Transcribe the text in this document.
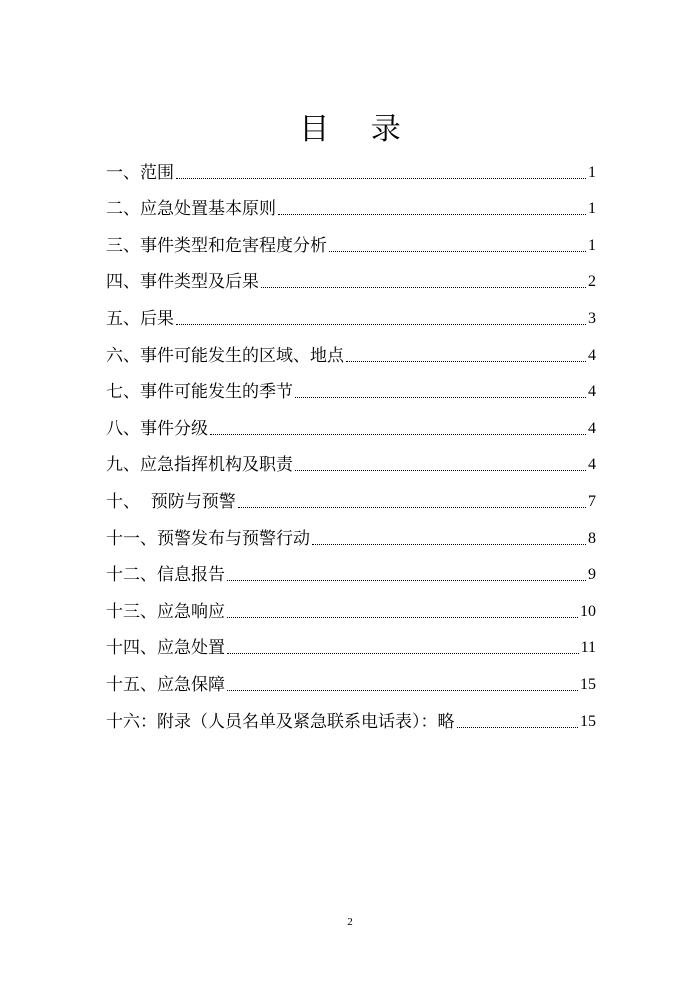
目 录
一、范围	1
二、应急处置基本原则	1
三、事件类型和危害程度分析	1
四、事件类型及后果	2
五、后果	3
六、事件可能发生的区域、地点	4
七、事件可能发生的季节	4
八、事件分级	4
九、应急指挥机构及职责	4
十、  预防与预警	7
十一、预警发布与预警行动	8
十二、信息报告	9
十三、应急响应	10
十四、应急处置	11
十五、应急保障	15
十六：附录（人员名单及紧急联系电话表）：略	15
2
